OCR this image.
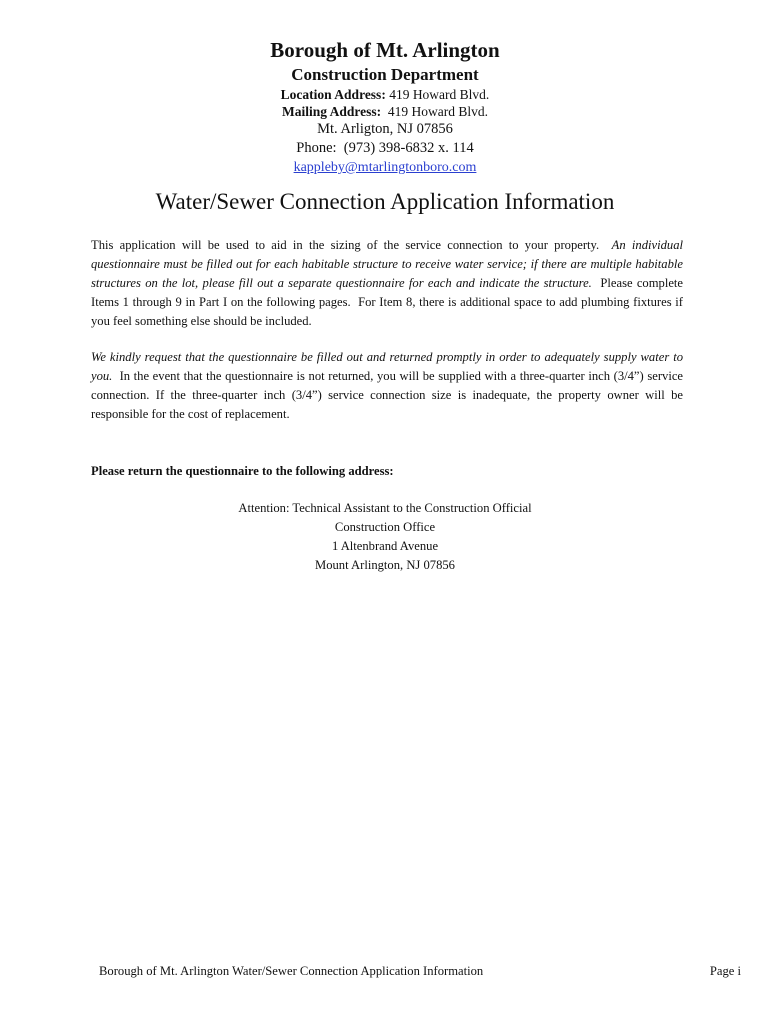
Borough of Mt. Arlington
Construction Department
Location Address: 419 Howard Blvd.
Mailing Address:  419 Howard Blvd.
Mt. Arligton, NJ 07856
Phone:  (973) 398-6832 x. 114
kappleby@mtarlingtonboro.com
Water/Sewer Connection Application Information
This application will be used to aid in the sizing of the service connection to your property.  An individual questionnaire must be filled out for each habitable structure to receive water service; if there are multiple habitable structures on the lot, please fill out a separate questionnaire for each and indicate the structure.  Please complete Items 1 through 9 in Part I on the following pages.  For Item 8, there is additional space to add plumbing fixtures if you feel something else should be included.
We kindly request that the questionnaire be filled out and returned promptly in order to adequately supply water to you.  In the event that the questionnaire is not returned, you will be supplied with a three-quarter inch (3/4”) service connection. If the three-quarter inch (3/4”) service connection size is inadequate, the property owner will be responsible for the cost of replacement.
Please return the questionnaire to the following address:
Attention: Technical Assistant to the Construction Official
Construction Office
1 Altenbrand Avenue
Mount Arlington, NJ 07856
Borough of Mt. Arlington Water/Sewer Connection Application Information	Page i
